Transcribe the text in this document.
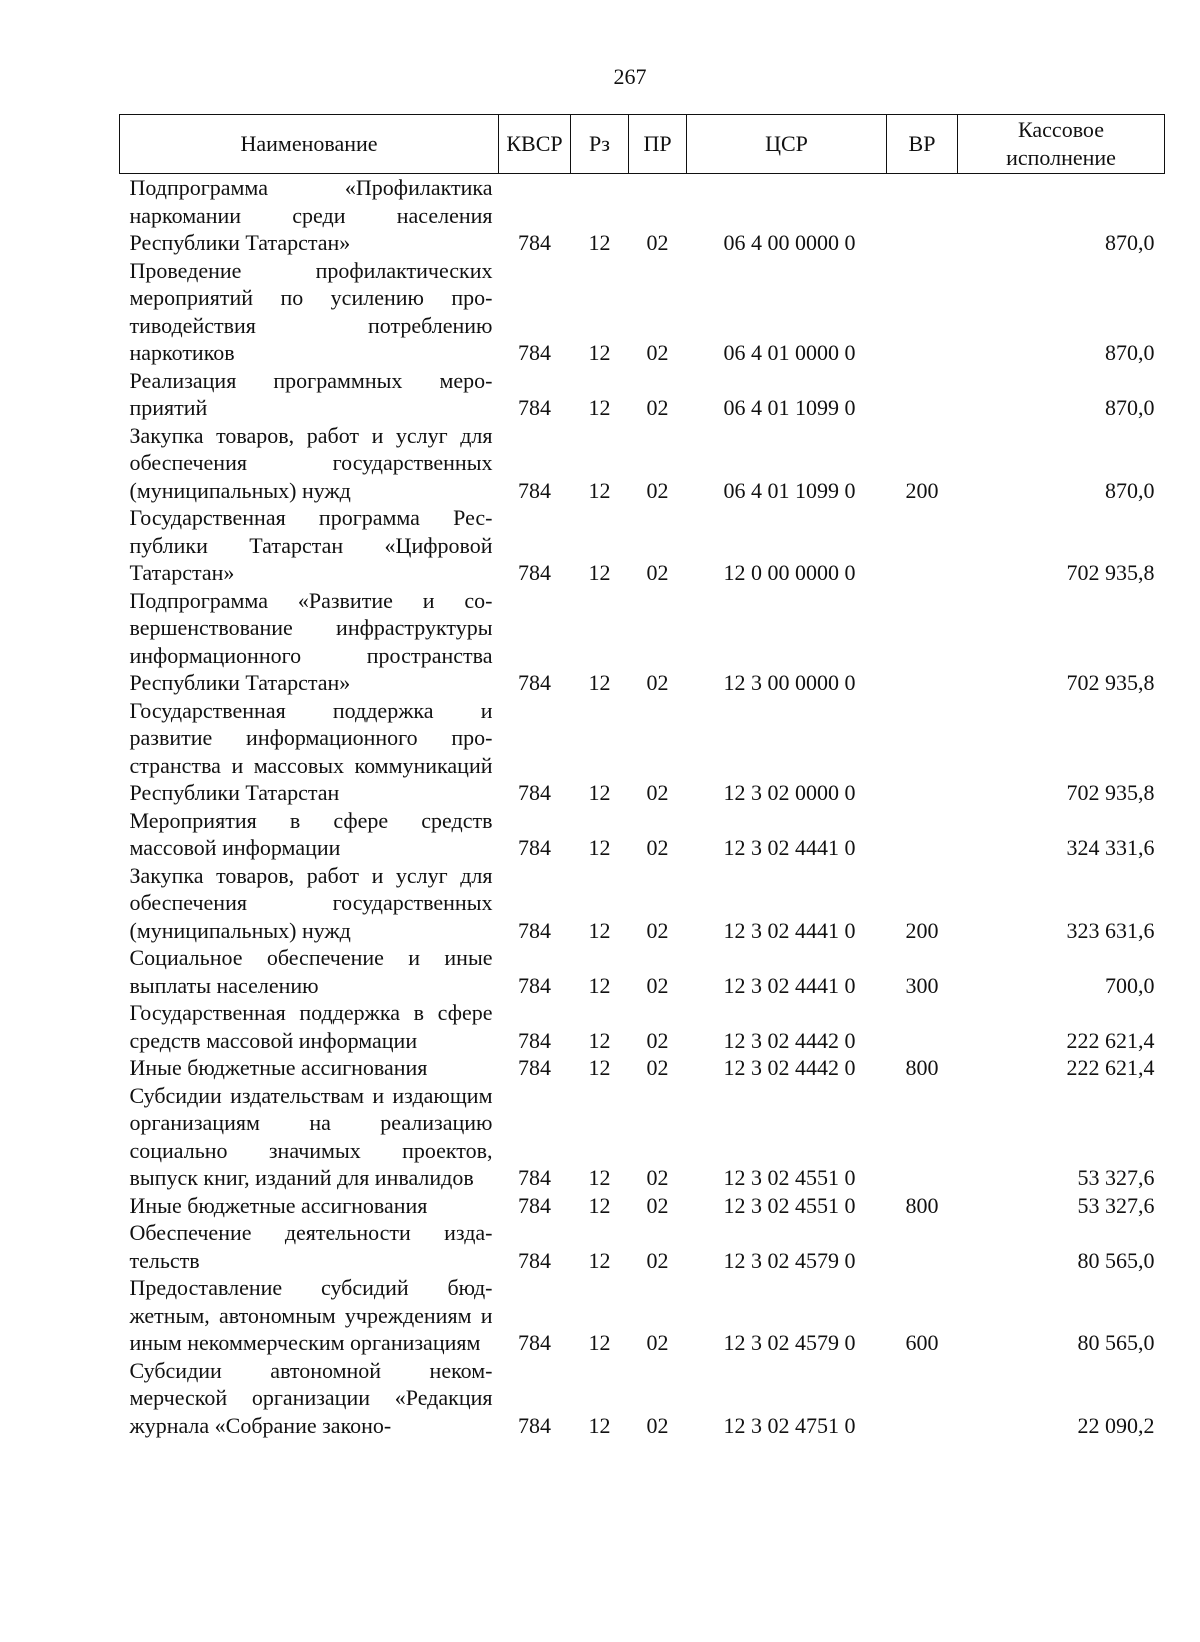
267
Наименование	КВСР	Рз	ПР	ЦСР	ВР	Кассовое исполнение
Подпрограмма «Профилактика наркомании среди населения Республики Татарстан»	784	12	02	06 4 00 0000 0		870,0
Проведение профилактических мероприятий по усилению противодействия потреблению наркотиков	784	12	02	06 4 01 0000 0		870,0
Реализация программных мероприятий	784	12	02	06 4 01 1099 0		870,0
Закупка товаров, работ и услуг для обеспечения государственных (муниципальных) нужд	784	12	02	06 4 01 1099 0	200	870,0
Государственная программа Республики Татарстан «Цифровой Татарстан»	784	12	02	12 0 00 0000 0		702 935,8
Подпрограмма «Развитие и совершенствование инфраструктуры информационного пространства Республики Татарстан»	784	12	02	12 3 00 0000 0		702 935,8
Государственная поддержка и развитие информационного пространства и массовых коммуникаций Республики Татарстан	784	12	02	12 3 02 0000 0		702 935,8
Мероприятия в сфере средств массовой информации	784	12	02	12 3 02 4441 0		324 331,6
Закупка товаров, работ и услуг для обеспечения государственных (муниципальных) нужд	784	12	02	12 3 02 4441 0	200	323 631,6
Социальное обеспечение и иные выплаты населению	784	12	02	12 3 02 4441 0	300	700,0
Государственная поддержка в сфере средств массовой информации	784	12	02	12 3 02 4442 0		222 621,4
Иные бюджетные ассигнования	784	12	02	12 3 02 4442 0	800	222 621,4
Субсидии издательствам и издающим организациям на реализацию социально значимых проектов, выпуск книг, изданий для инвалидов	784	12	02	12 3 02 4551 0		53 327,6
Иные бюджетные ассигнования	784	12	02	12 3 02 4551 0	800	53 327,6
Обеспечение деятельности издательств	784	12	02	12 3 02 4579 0		80 565,0
Предоставление субсидий бюджетным, автономным учреждениям и иным некоммерческим организациям	784	12	02	12 3 02 4579 0	600	80 565,0
Субсидии автономной некоммерческой организации «Редакция журнала «Собрание законо-	784	12	02	12 3 02 4751 0		22 090,2
